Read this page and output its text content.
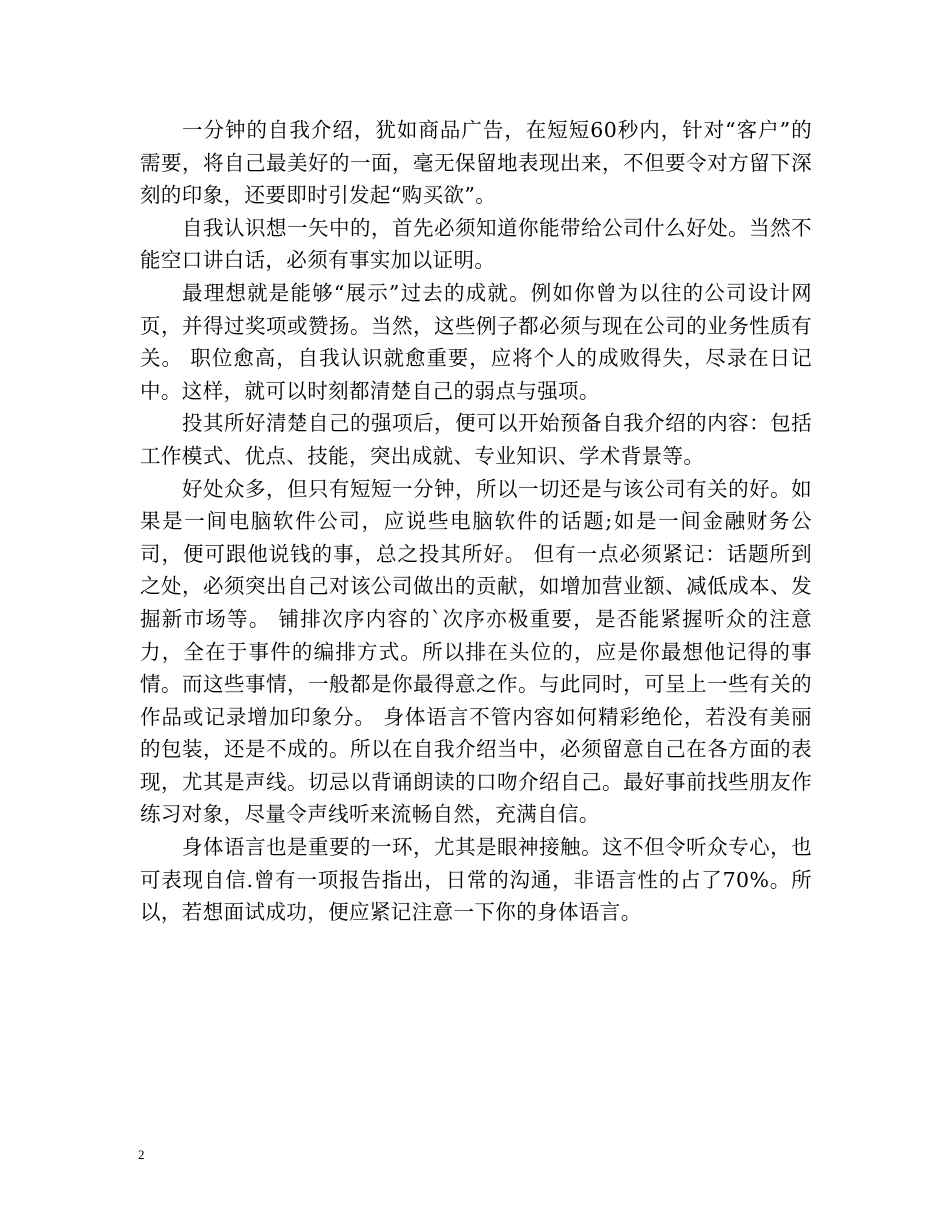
一分钟的自我介绍，犹如商品广告，在短短60秒内，针对“客户”的需要，将自己最美好的一面，毫无保留地表现出来，不但要令对方留下深刻的印象，还要即时引发起“购买欲”。

自我认识想一矢中的，首先必须知道你能带给公司什么好处。当然不能空口讲白话，必须有事实加以证明。

最理想就是能够“展示”过去的成就。例如你曾为以往的公司设计网页，并得过奖项或赞扬。当然，这些例子都必须与现在公司的业务性质有关。 职位愈高，自我认识就愈重要，应将个人的成败得失，尽录在日记中。这样，就可以时刻都清楚自己的弱点与强项。

投其所好清楚自己的强项后，便可以开始预备自我介绍的内容：包括工作模式、优点、技能，突出成就、专业知识、学术背景等。

好处众多，但只有短短一分钟，所以一切还是与该公司有关的好。如果是一间电脑软件公司，应说些电脑软件的话题;如是一间金融财务公司，便可跟他说钱的事，总之投其所好。 但有一点必须紧记：话题所到之处，必须突出自己对该公司做出的贡献，如增加营业额、减低成本、发掘新市场等。 铺排次序内容的`次序亦极重要，是否能紧握听众的注意力，全在于事件的编排方式。所以排在头位的，应是你最想他记得的事情。而这些事情，一般都是你最得意之作。与此同时，可呈上一些有关的作品或记录增加印象分。 身体语言不管内容如何精彩绝伦，若没有美丽的包装，还是不成的。所以在自我介绍当中，必须留意自己在各方面的表现，尤其是声线。切忌以背诵朗读的口吻介绍自己。最好事前找些朋友作练习对象，尽量令声线听来流畅自然，充满自信。

身体语言也是重要的一环，尤其是眼神接触。这不但令听众专心，也可表现自信.曾有一项报告指出，日常的沟通，非语言性的占了70%。所以，若想面试成功，便应紧记注意一下你的身体语言。

2
